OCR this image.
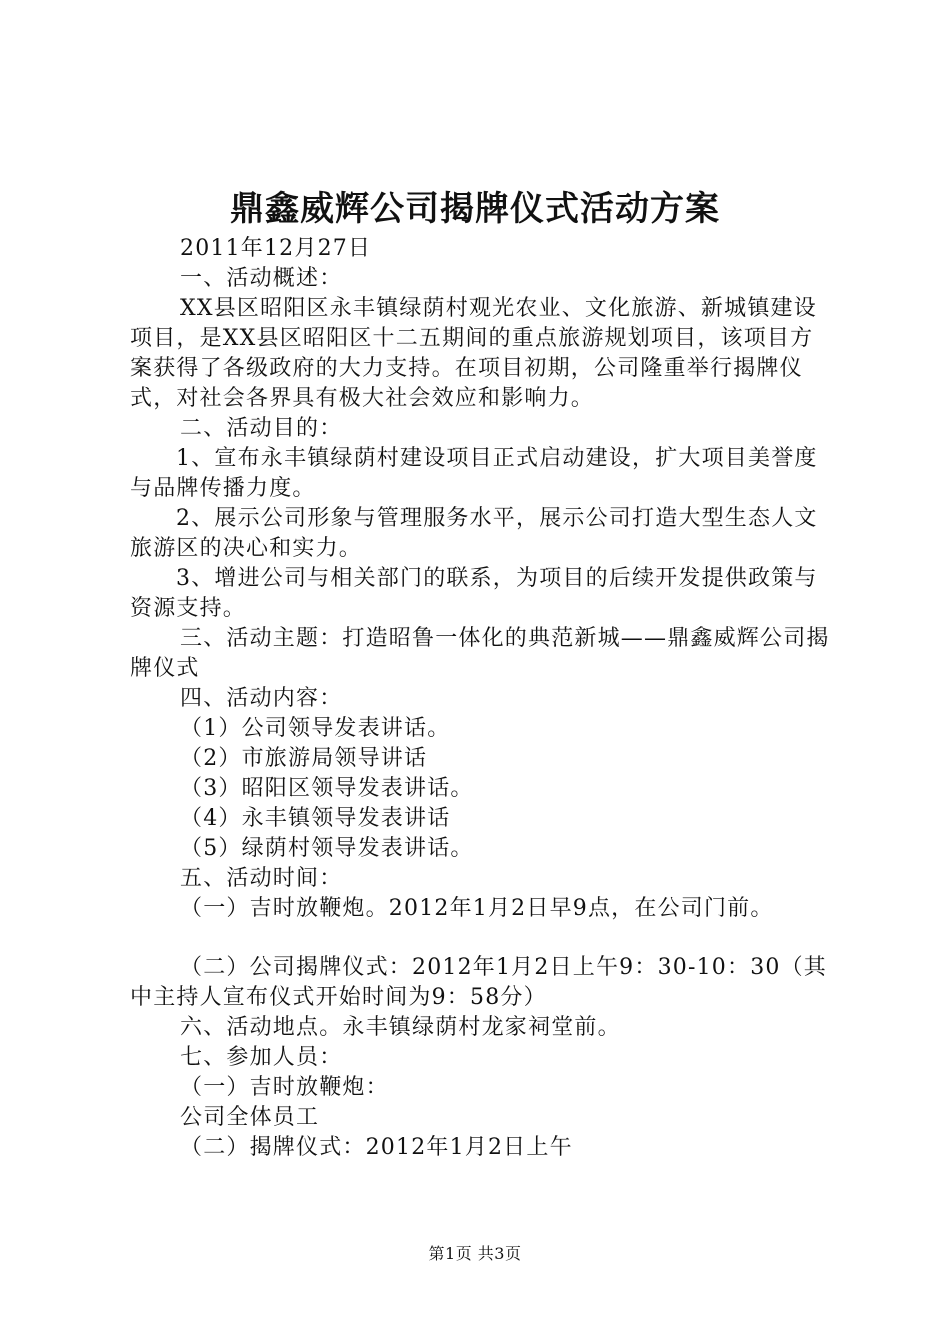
鼎鑫威辉公司揭牌仪式活动方案

2011年12月27日

一、活动概述：

XX县区昭阳区永丰镇绿荫村观光农业、文化旅游、新城镇建设项目，是XX县区昭阳区十二五期间的重点旅游规划项目，该项目方案获得了各级政府的大力支持。在项目初期，公司隆重举行揭牌仪式，对社会各界具有极大社会效应和影响力。

二、活动目的：

1、宣布永丰镇绿荫村建设项目正式启动建设，扩大项目美誉度与品牌传播力度。

2、展示公司形象与管理服务水平，展示公司打造大型生态人文旅游区的决心和实力。

3、增进公司与相关部门的联系，为项目的后续开发提供政策与资源支持。

三、活动主题：打造昭鲁一体化的典范新城——鼎鑫威辉公司揭牌仪式

四、活动内容：

（1）公司领导发表讲话。

（2）市旅游局领导讲话

（3）昭阳区领导发表讲话。

（4）永丰镇领导发表讲话

（5）绿荫村领导发表讲话。

五、活动时间：

（一）吉时放鞭炮。2012年1月2日早9点，在公司门前。

（二）公司揭牌仪式：2012年1月2日上午9：30-10：30（其中主持人宣布仪式开始时间为9：58分）

六、活动地点。永丰镇绿荫村龙家祠堂前。

七、参加人员：

（一）吉时放鞭炮：

公司全体员工

（二）揭牌仪式：2012年1月2日上午

第1页 共3页
